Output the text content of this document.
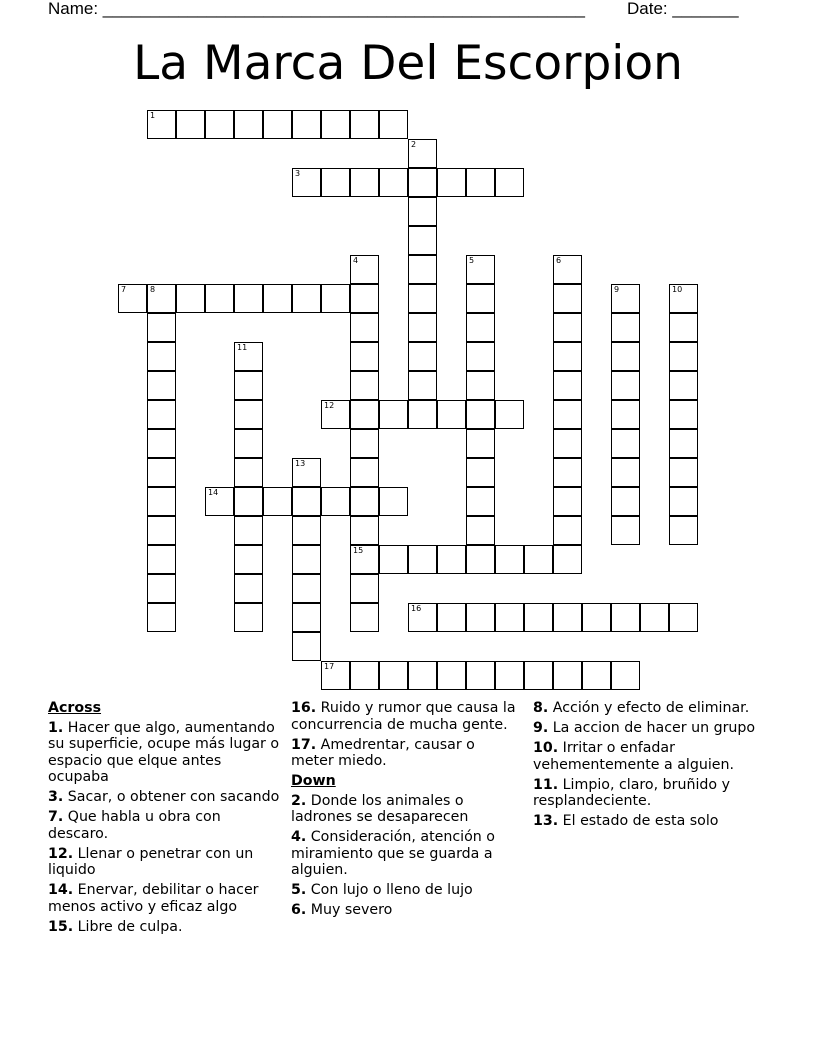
Name: ___________________________________________________ Date: _______
La Marca Del Escorpion
1
2
3
4
15
5	6
7	8	9	10
11
12
13
14
16
17
Across
1. Hacer que algo, aumentando su superficie, ocupe más lugar o espacio que elque antes ocupaba
3. Sacar, o obtener con sacando
7. Que habla u obra con descaro.
12. Llenar o penetrar con un liquido
14. Enervar, debilitar o hacer menos activo y eficaz algo
15. Libre de culpa.
16. Ruido y rumor que causa la concurrencia de mucha gente.
17. Amedrentar, causar o meter miedo.
Down
2. Donde los animales o ladrones se desaparecen
4. Consideración, atención o miramiento que se guarda a alguien.
5. Con lujo o lleno de lujo
6. Muy severo
8. Acción y efecto de eliminar.
9. La accion de hacer un grupo
10. Irritar o enfadar vehementemente a alguien.
11. Limpio, claro, bruñido y resplandeciente.
13. El estado de esta solo
